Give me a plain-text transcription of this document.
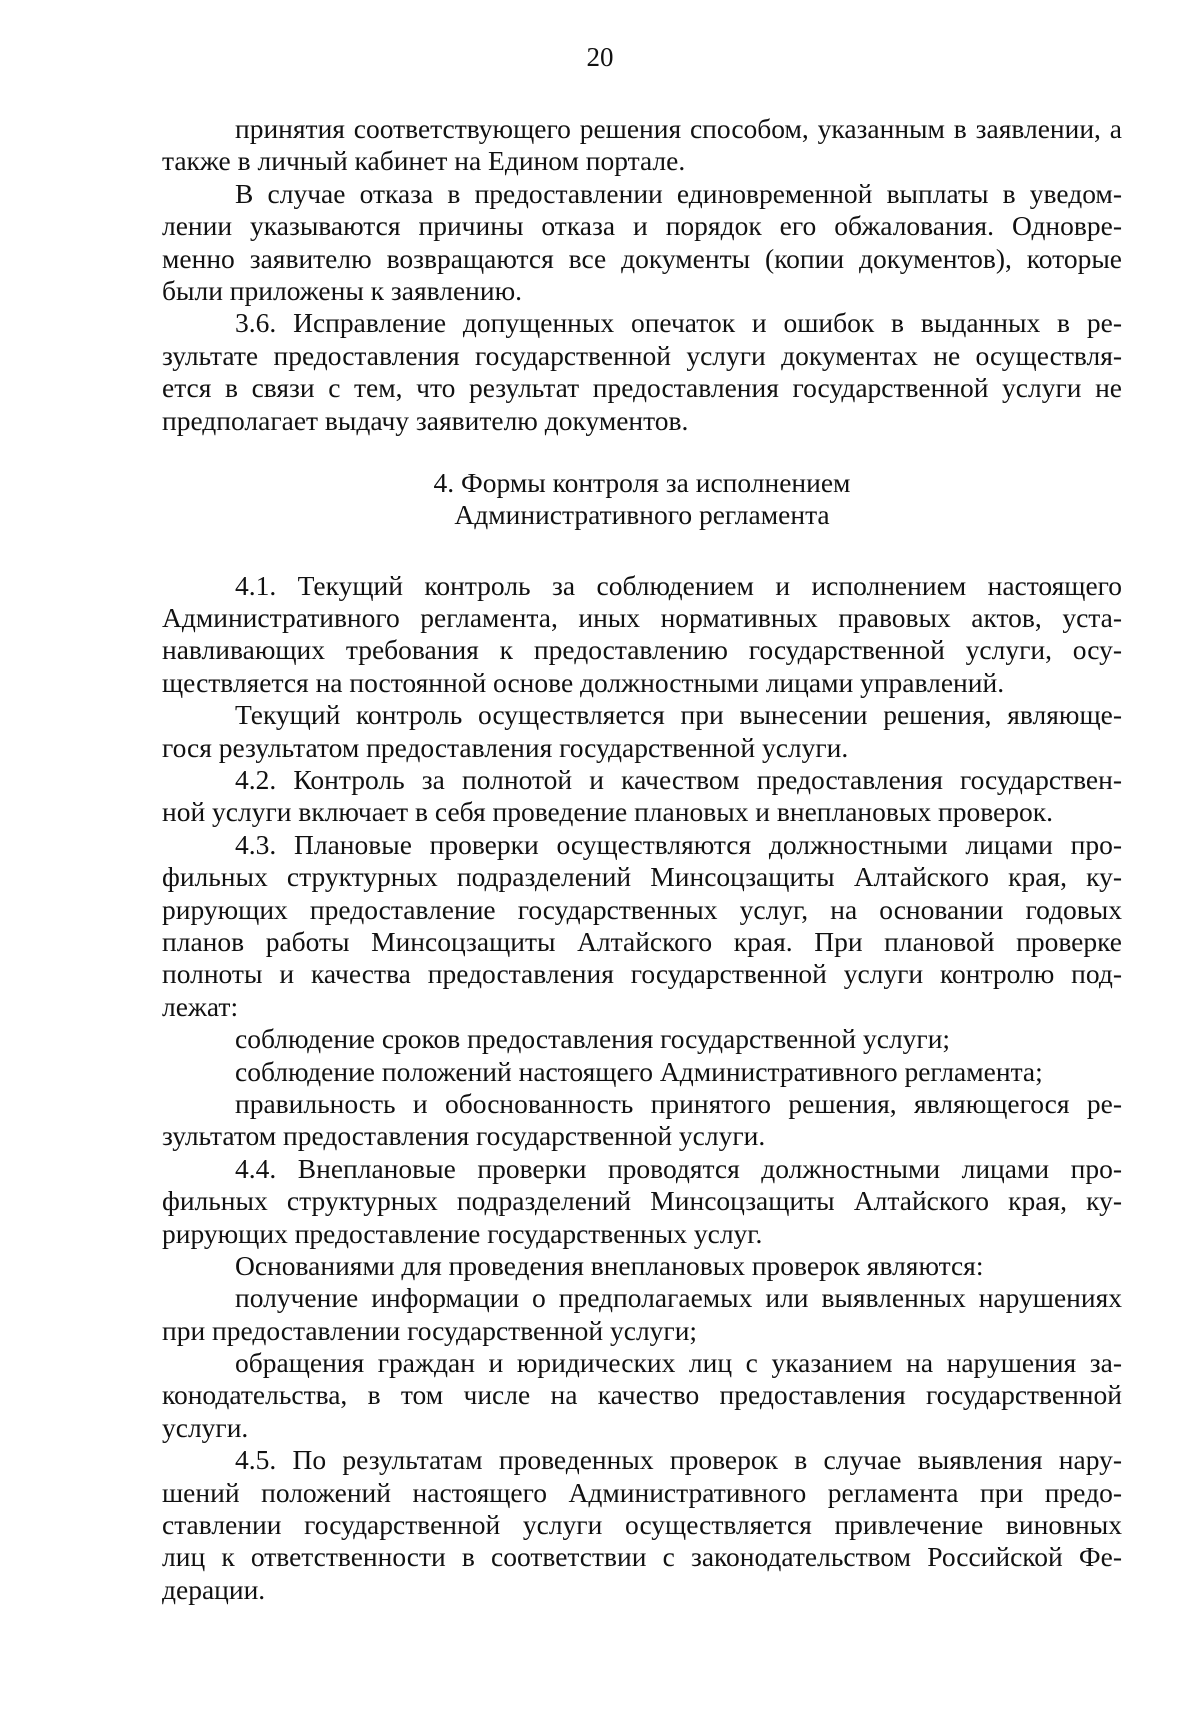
20
принятия соответствующего решения способом, указанным в заявлении, а
также в личный кабинет на Едином портале.
В случае отказа в предоставлении единовременной выплаты в уведом-
лении указываются причины отказа и порядок его обжалования. Одновре-
менно заявителю возвращаются все документы (копии документов), которые
были приложены к заявлению.
3.6. Исправление допущенных опечаток и ошибок в выданных в ре-
зультате предоставления государственной услуги документах не осуществля-
ется в связи с тем, что результат предоставления государственной услуги не
предполагает выдачу заявителю документов.
4. Формы контроля за исполнением
Административного регламента
4.1. Текущий контроль за соблюдением и исполнением настоящего
Административного регламента, иных нормативных правовых актов, уста-
навливающих требования к предоставлению государственной услуги, осу-
ществляется на постоянной основе должностными лицами управлений.
Текущий контроль осуществляется при вынесении решения, являюще-
гося результатом предоставления государственной услуги.
4.2. Контроль за полнотой и качеством предоставления государствен-
ной услуги включает в себя проведение плановых и внеплановых проверок.
4.3. Плановые проверки осуществляются должностными лицами про-
фильных структурных подразделений Минсоцзащиты Алтайского края, ку-
рирующих предоставление государственных услуг, на основании годовых
планов работы Минсоцзащиты Алтайского края. При плановой проверке
полноты и качества предоставления государственной услуги контролю под-
лежат:
соблюдение сроков предоставления государственной услуги;
соблюдение положений настоящего Административного регламента;
правильность и обоснованность принятого решения, являющегося ре-
зультатом предоставления государственной услуги.
4.4. Внеплановые проверки проводятся должностными лицами про-
фильных структурных подразделений Минсоцзащиты Алтайского края, ку-
рирующих предоставление государственных услуг.
Основаниями для проведения внеплановых проверок являются:
получение информации о предполагаемых или выявленных нарушениях
при предоставлении государственной услуги;
обращения граждан и юридических лиц с указанием на нарушения за-
конодательства, в том числе на качество предоставления государственной
услуги.
4.5. По результатам проведенных проверок в случае выявления нару-
шений положений настоящего Административного регламента при предо-
ставлении государственной услуги осуществляется привлечение виновных
лиц к ответственности в соответствии с законодательством Российской Фе-
дерации.
